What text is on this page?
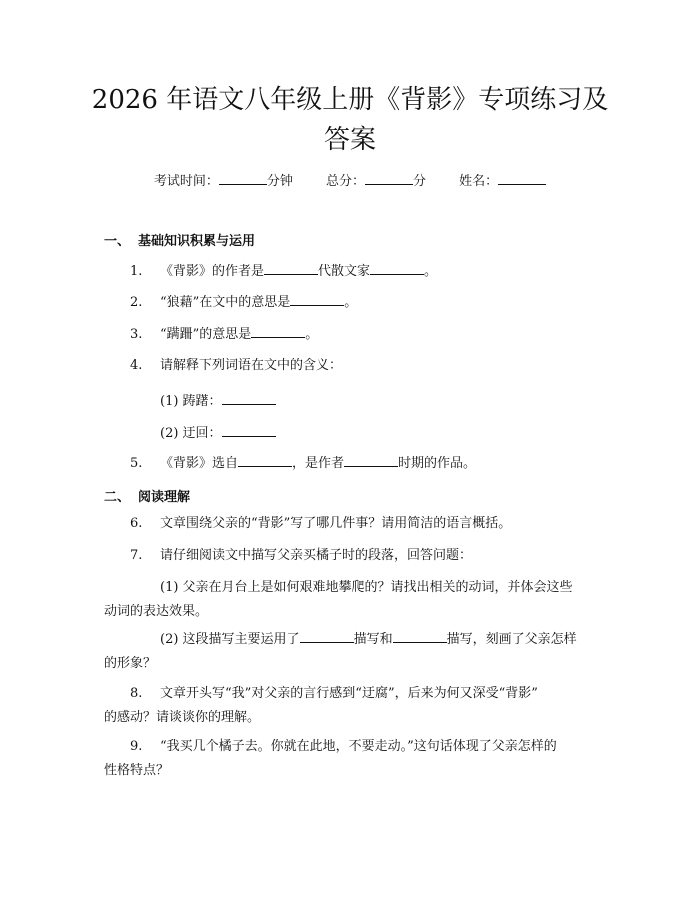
2026 年语文八年级上册《背影》专项练习及答案
考试时间：	分钟	总分：	分	姓名：
一、 基础知识积累与运用
1. 《背影》的作者是	代散文家	。
2. “狼藉”在文中的意思是	。
3. “蹒跚”的意思是	。
4. 请解释下列词语在文中的含义：
(1) 踌躇：
(2) 迂回：
5. 《背影》选自	，是作者	时期的作品。
二、 阅读理解
6. 文章围绕父亲的“背影”写了哪几件事？请用简洁的语言概括。
7. 请仔细阅读文中描写父亲买橘子时的段落，回答问题：
(1) 父亲在月台上是如何艰难地攀爬的？请找出相关的动词，并体会这些
动词的表达效果。
(2) 这段描写主要运用了	描写和	描写，刻画了父亲怎样
的形象？
8. 文章开头写“我”对父亲的言行感到“迂腐”，后来为何又深受“背影”
的感动？请谈谈你的理解。
9. “我买几个橘子去。你就在此地，不要走动。”这句话体现了父亲怎样的
性格特点？
